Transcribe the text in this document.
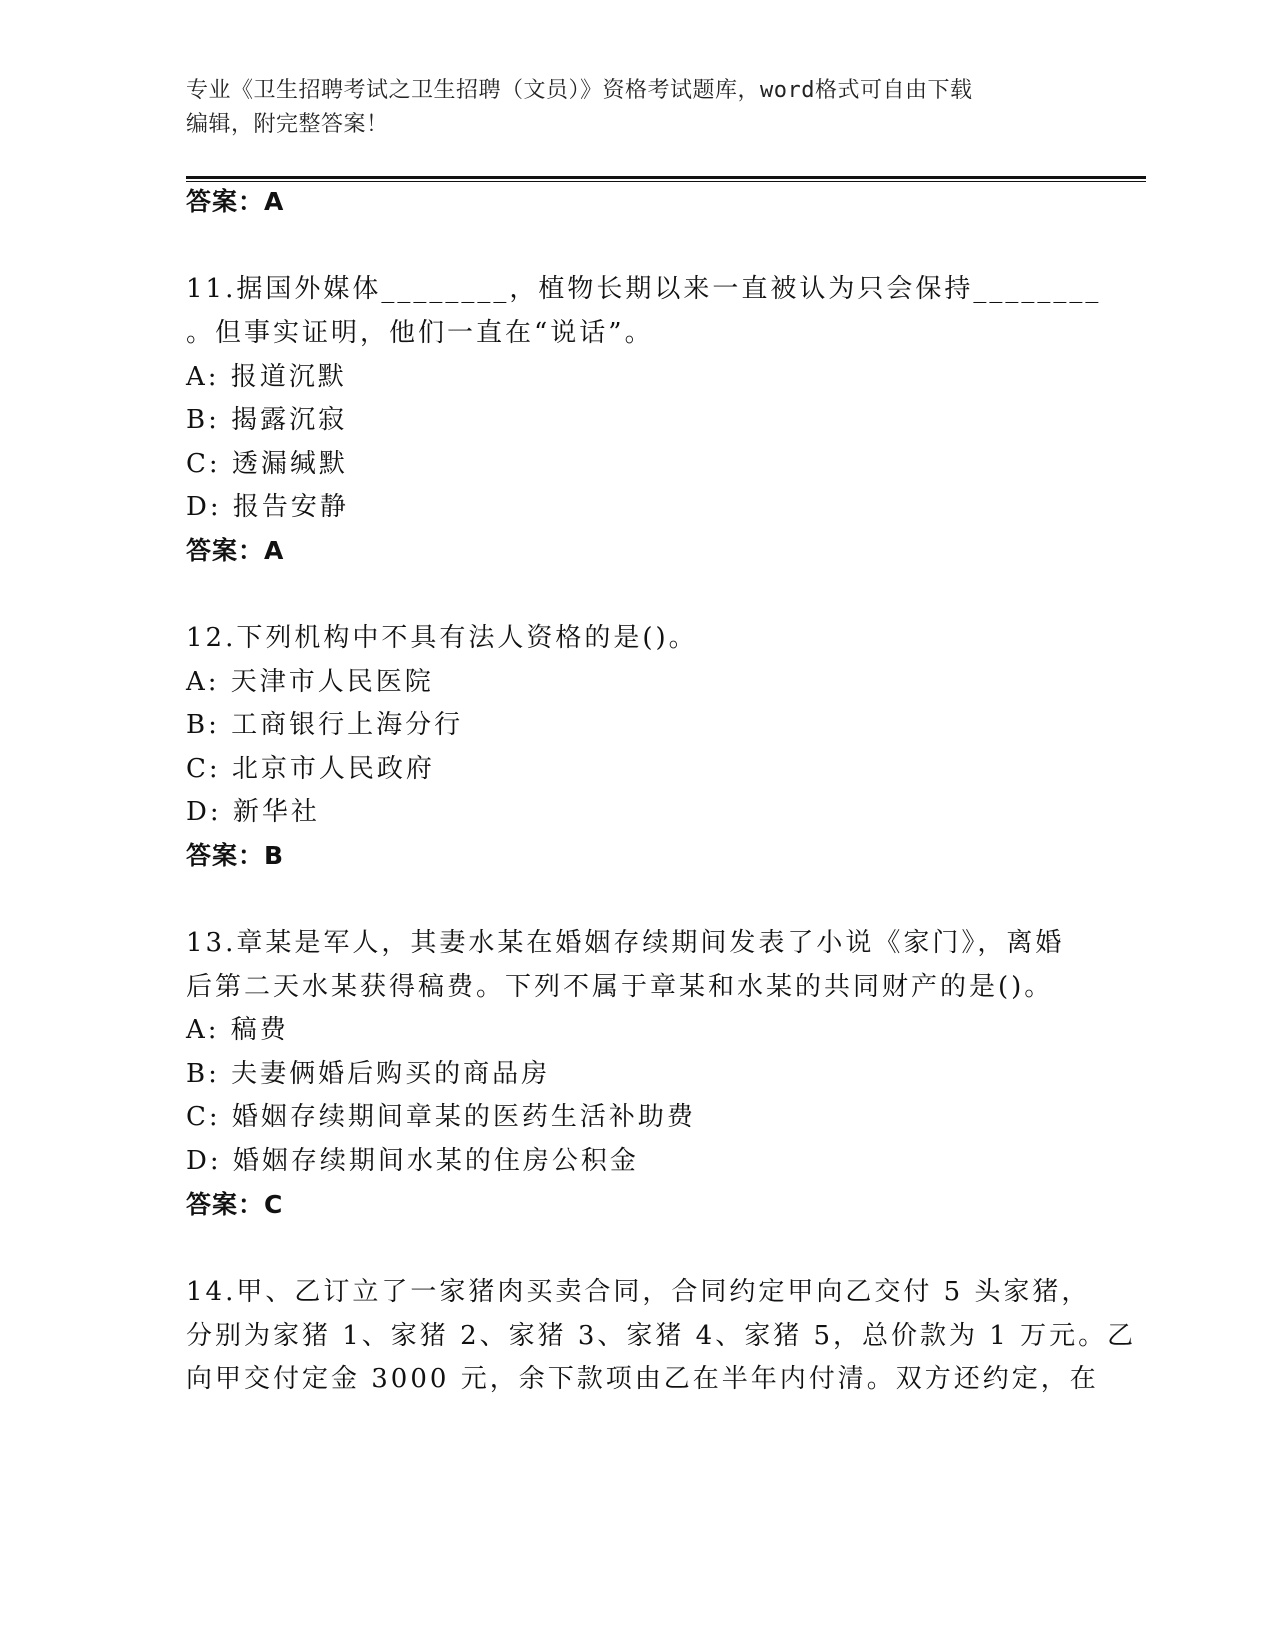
专业《卫生招聘考试之卫生招聘（文员）》资格考试题库，word格式可自由下载
编辑，附完整答案！
答案：A
11.据国外媒体________，植物长期以来一直被认为只会保持________
。但事实证明，他们一直在“说话”。
A: 报道沉默
B: 揭露沉寂
C: 透漏缄默
D: 报告安静
答案：A
12.下列机构中不具有法人资格的是()。
A: 天津市人民医院
B: 工商银行上海分行
C: 北京市人民政府
D: 新华社
答案：B
13.章某是军人，其妻水某在婚姻存续期间发表了小说《家门》，离婚
后第二天水某获得稿费。下列不属于章某和水某的共同财产的是()。
A: 稿费
B: 夫妻俩婚后购买的商品房
C: 婚姻存续期间章某的医药生活补助费
D: 婚姻存续期间水某的住房公积金
答案：C
14.甲、乙订立了一家猪肉买卖合同，合同约定甲向乙交付 5 头家猪，
分别为家猪 1、家猪 2、家猪 3、家猪 4、家猪 5，总价款为 1 万元。乙
向甲交付定金 3000 元，余下款项由乙在半年内付清。双方还约定，在
